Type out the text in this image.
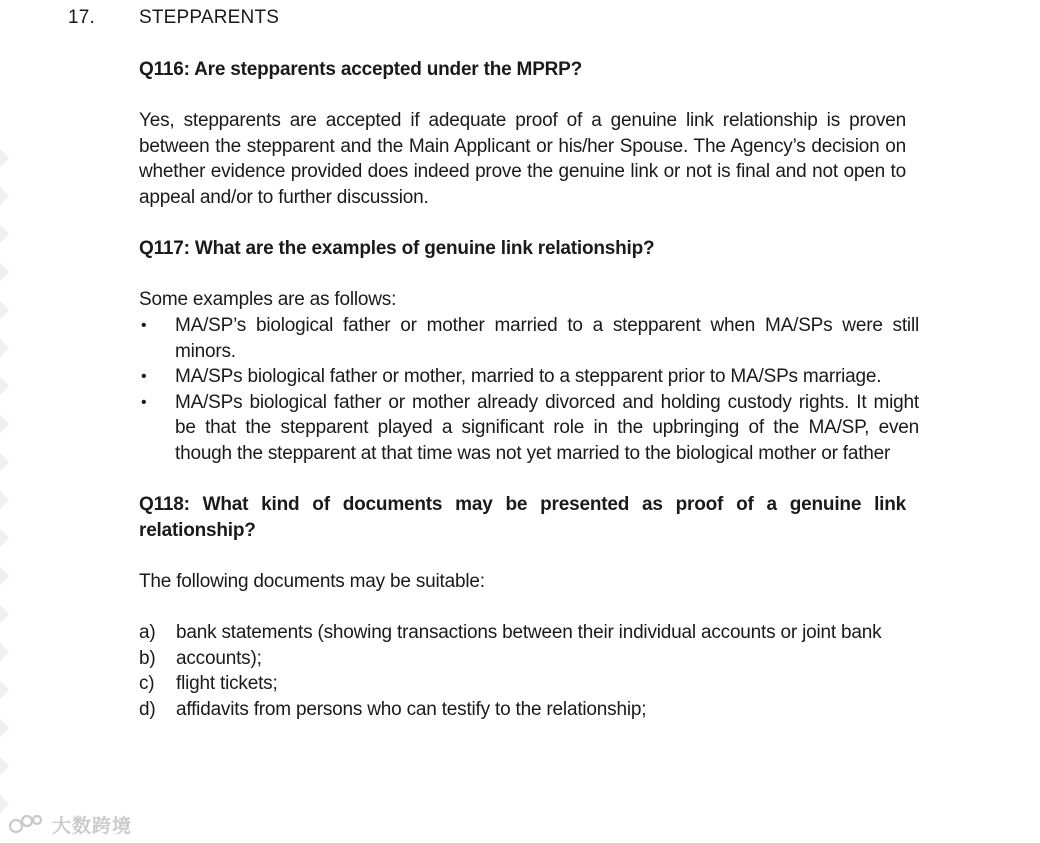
17. STEPPARENTS

Q116: Are stepparents accepted under the MPRP?

Yes, stepparents are accepted if adequate proof of a genuine link relationship is proven between the stepparent and the Main Applicant or his/her Spouse. The Agency’s decision on whether evidence provided does indeed prove the genuine link or not is final and not open to appeal and/or to further discussion.

Q117: What are the examples of genuine link relationship?

Some examples are as follows:

• MA/SP’s biological father or mother married to a stepparent when MA/SPs were still minors.
• MA/SPs biological father or mother, married to a stepparent prior to MA/SPs marriage.
• MA/SPs biological father or mother already divorced and holding custody rights. It might be that the stepparent played a significant role in the upbringing of the MA/SP, even though the stepparent at that time was not yet married to the biological mother or father

Q118: What kind of documents may be presented as proof of a genuine link relationship?

The following documents may be suitable:

a) bank statements (showing transactions between their individual accounts or joint bank
b) accounts);
c) flight tickets;
d) affidavits from persons who can testify to the relationship;
大数跨境
